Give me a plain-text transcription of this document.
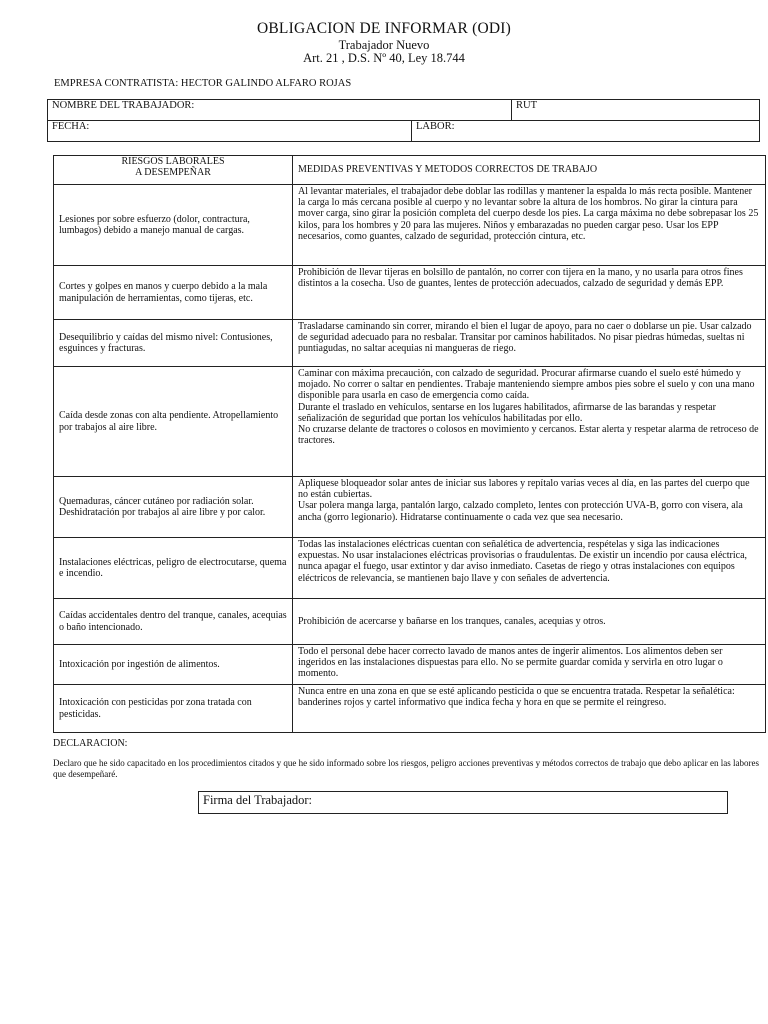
OBLIGACION DE INFORMAR (ODI)
Trabajador Nuevo
Art. 21 , D.S. Nº 40, Ley 18.744
EMPRESA CONTRATISTA: HECTOR GALINDO ALFARO ROJAS
NOMBRE DEL TRABAJADOR:	RUT
FECHA:	LABOR:
RIESGOS LABORALES
A DESEMPEÑAR	MEDIDAS PREVENTIVAS Y METODOS CORRECTOS DE TRABAJO
Lesiones por sobre esfuerzo (dolor, contractura, lumbagos) debido a manejo manual de cargas.	Al levantar materiales, el trabajador debe doblar las rodillas y mantener la espalda lo más recta posible. Mantener la carga lo más cercana posible al cuerpo y no levantar sobre la altura de los hombros. No girar la cintura para mover carga, sino girar la posición completa del cuerpo desde los pies. La carga máxima no debe sobrepasar los 25 kilos, para los hombres y 20 para las mujeres. Niños y embarazadas no pueden cargar peso. Usar los EPP necesarios, como guantes, calzado de seguridad, protección cintura, etc.
Cortes y golpes en manos y cuerpo debido a la mala manipulación de herramientas, como tijeras, etc.	Prohibición de llevar tijeras en bolsillo de pantalón, no correr con tijera en la mano, y no usarla para otros fines distintos a la cosecha. Uso de guantes, lentes de protección adecuados, calzado de seguridad y demás EPP.
Desequilibrio y caídas del mismo nivel: Contusiones, esguinces y fracturas.	Trasladarse caminando sin correr, mirando el bien el lugar de apoyo, para no caer o doblarse un pie. Usar calzado de seguridad adecuado para no resbalar. Transitar por caminos habilitados. No pisar piedras húmedas, sueltas ni puntiagudas, no saltar acequias ni mangueras de riego.
Caída desde zonas con alta pendiente. Atropellamiento por trabajos al aire libre.	Caminar con máxima precaución, con calzado de seguridad. Procurar afirmarse cuando el suelo esté húmedo y mojado. No correr o saltar en pendientes. Trabaje manteniendo siempre ambos pies sobre el suelo y con una mano disponible para usarla en caso de emergencia como caída.
Durante el traslado en vehículos, sentarse en los lugares habilitados, afirmarse de las barandas y respetar señalización de seguridad que portan los vehículos habilitadas por ello.
No cruzarse delante de tractores o colosos en movimiento y cercanos. Estar alerta y respetar alarma de retroceso de tractores.
Quemaduras, cáncer cutáneo por radiación solar. Deshidratación por trabajos al aire libre y por calor.	Apliquese bloqueador solar antes de iniciar sus labores y repítalo varias veces al día, en las partes del cuerpo que no están cubiertas.
Usar polera manga larga, pantalón largo, calzado completo, lentes con protección UVA-B, gorro con visera, ala ancha (gorro legionario). Hidratarse continuamente o cada vez que sea necesario.
Instalaciones eléctricas, peligro de electrocutarse, quema e incendio.	Todas las instalaciones eléctricas cuentan con señalética de advertencia, respételas y siga las indicaciones expuestas. No usar instalaciones eléctricas provisorias o fraudulentas. De existir un incendio por causa eléctrica, nunca apagar el fuego, usar extintor y dar aviso inmediato. Casetas de riego y otras instalaciones con equipos eléctricos de relevancia, se mantienen bajo llave y con señales de advertencia.
Caídas accidentales dentro del tranque, canales, acequias o baño intencionado.	Prohibición de acercarse y bañarse en los tranques, canales, acequias y otros.
Intoxicación por ingestión de alimentos.	Todo el personal debe hacer correcto lavado de manos antes de ingerir alimentos. Los alimentos deben ser ingeridos en las instalaciones dispuestas para ello. No se permite guardar comida y servirla en otro lugar o momento.
Intoxicación con pesticidas por zona tratada con pesticidas.	Nunca entre en una zona en que se esté aplicando pesticida o que se encuentra tratada. Respetar la señalética: banderines rojos y cartel informativo que indica fecha y hora en que se permite el reingreso.
DECLARACION:
Declaro que he sido capacitado en los procedimientos citados y que he sido informado sobre los riesgos, peligro acciones preventivas y métodos correctos de trabajo que debo aplicar en las labores que desempeñaré.
Firma del Trabajador:
